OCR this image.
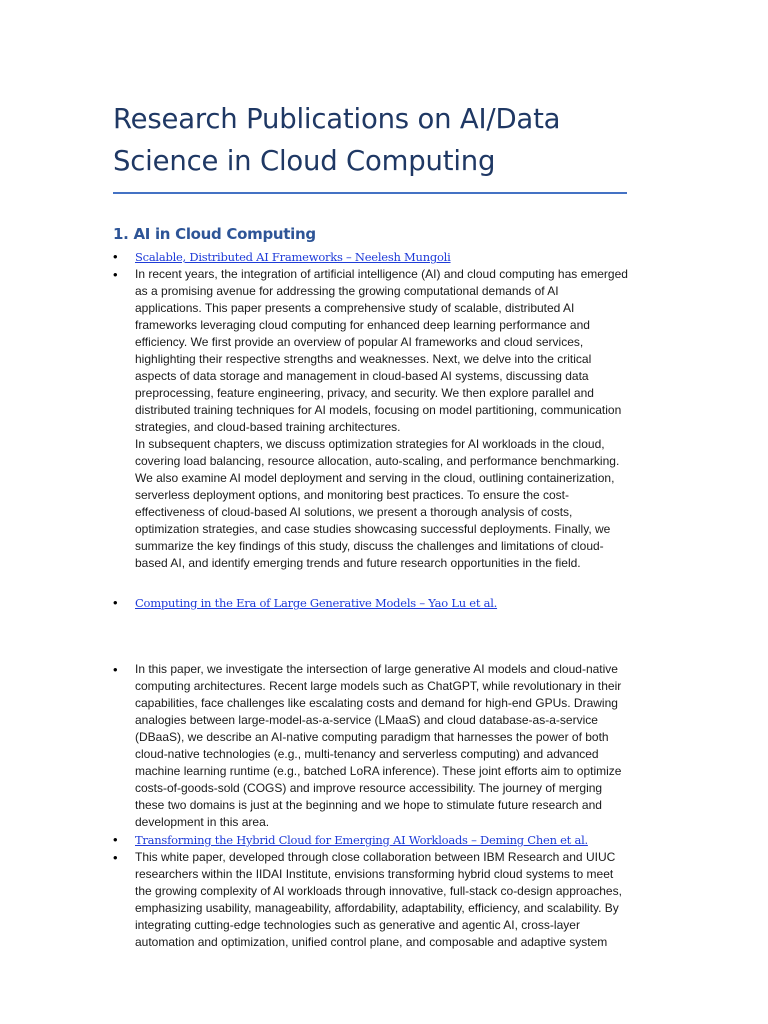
Research Publications on AI/Data Science in Cloud Computing
1. AI in Cloud Computing
• Scalable, Distributed AI Frameworks – Neelesh Mungoli
• In recent years, the integration of artificial intelligence (AI) and cloud computing has emerged as a promising avenue for addressing the growing computational demands of AI applications. This paper presents a comprehensive study of scalable, distributed AI frameworks leveraging cloud computing for enhanced deep learning performance and efficiency. We first provide an overview of popular AI frameworks and cloud services, highlighting their respective strengths and weaknesses. Next, we delve into the critical aspects of data storage and management in cloud-based AI systems, discussing data preprocessing, feature engineering, privacy, and security. We then explore parallel and distributed training techniques for AI models, focusing on model partitioning, communication strategies, and cloud-based training architectures.

In subsequent chapters, we discuss optimization strategies for AI workloads in the cloud, covering load balancing, resource allocation, auto-scaling, and performance benchmarking. We also examine AI model deployment and serving in the cloud, outlining containerization, serverless deployment options, and monitoring best practices. To ensure the cost-effectiveness of cloud-based AI solutions, we present a thorough analysis of costs, optimization strategies, and case studies showcasing successful deployments. Finally, we summarize the key findings of this study, discuss the challenges and limitations of cloud-based AI, and identify emerging trends and future research opportunities in the field.

• Computing in the Era of Large Generative Models – Yao Lu et al.
• In this paper, we investigate the intersection of large generative AI models and cloud-native computing architectures. Recent large models such as ChatGPT, while revolutionary in their capabilities, face challenges like escalating costs and demand for high-end GPUs. Drawing analogies between large-model-as-a-service (LMaaS) and cloud database-as-a-service (DBaaS), we describe an AI-native computing paradigm that harnesses the power of both cloud-native technologies (e.g., multi-tenancy and serverless computing) and advanced machine learning runtime (e.g., batched LoRA inference). These joint efforts aim to optimize costs-of-goods-sold (COGS) and improve resource accessibility. The journey of merging these two domains is just at the beginning and we hope to stimulate future research and development in this area.

• Transforming the Hybrid Cloud for Emerging AI Workloads – Deming Chen et al.
• This white paper, developed through close collaboration between IBM Research and UIUC researchers within the IIDAI Institute, envisions transforming hybrid cloud systems to meet the growing complexity of AI workloads through innovative, full-stack co-design approaches, emphasizing usability, manageability, affordability, adaptability, efficiency, and scalability. By integrating cutting-edge technologies such as generative and agentic AI, cross-layer automation and optimization, unified control plane, and composable and adaptive system
